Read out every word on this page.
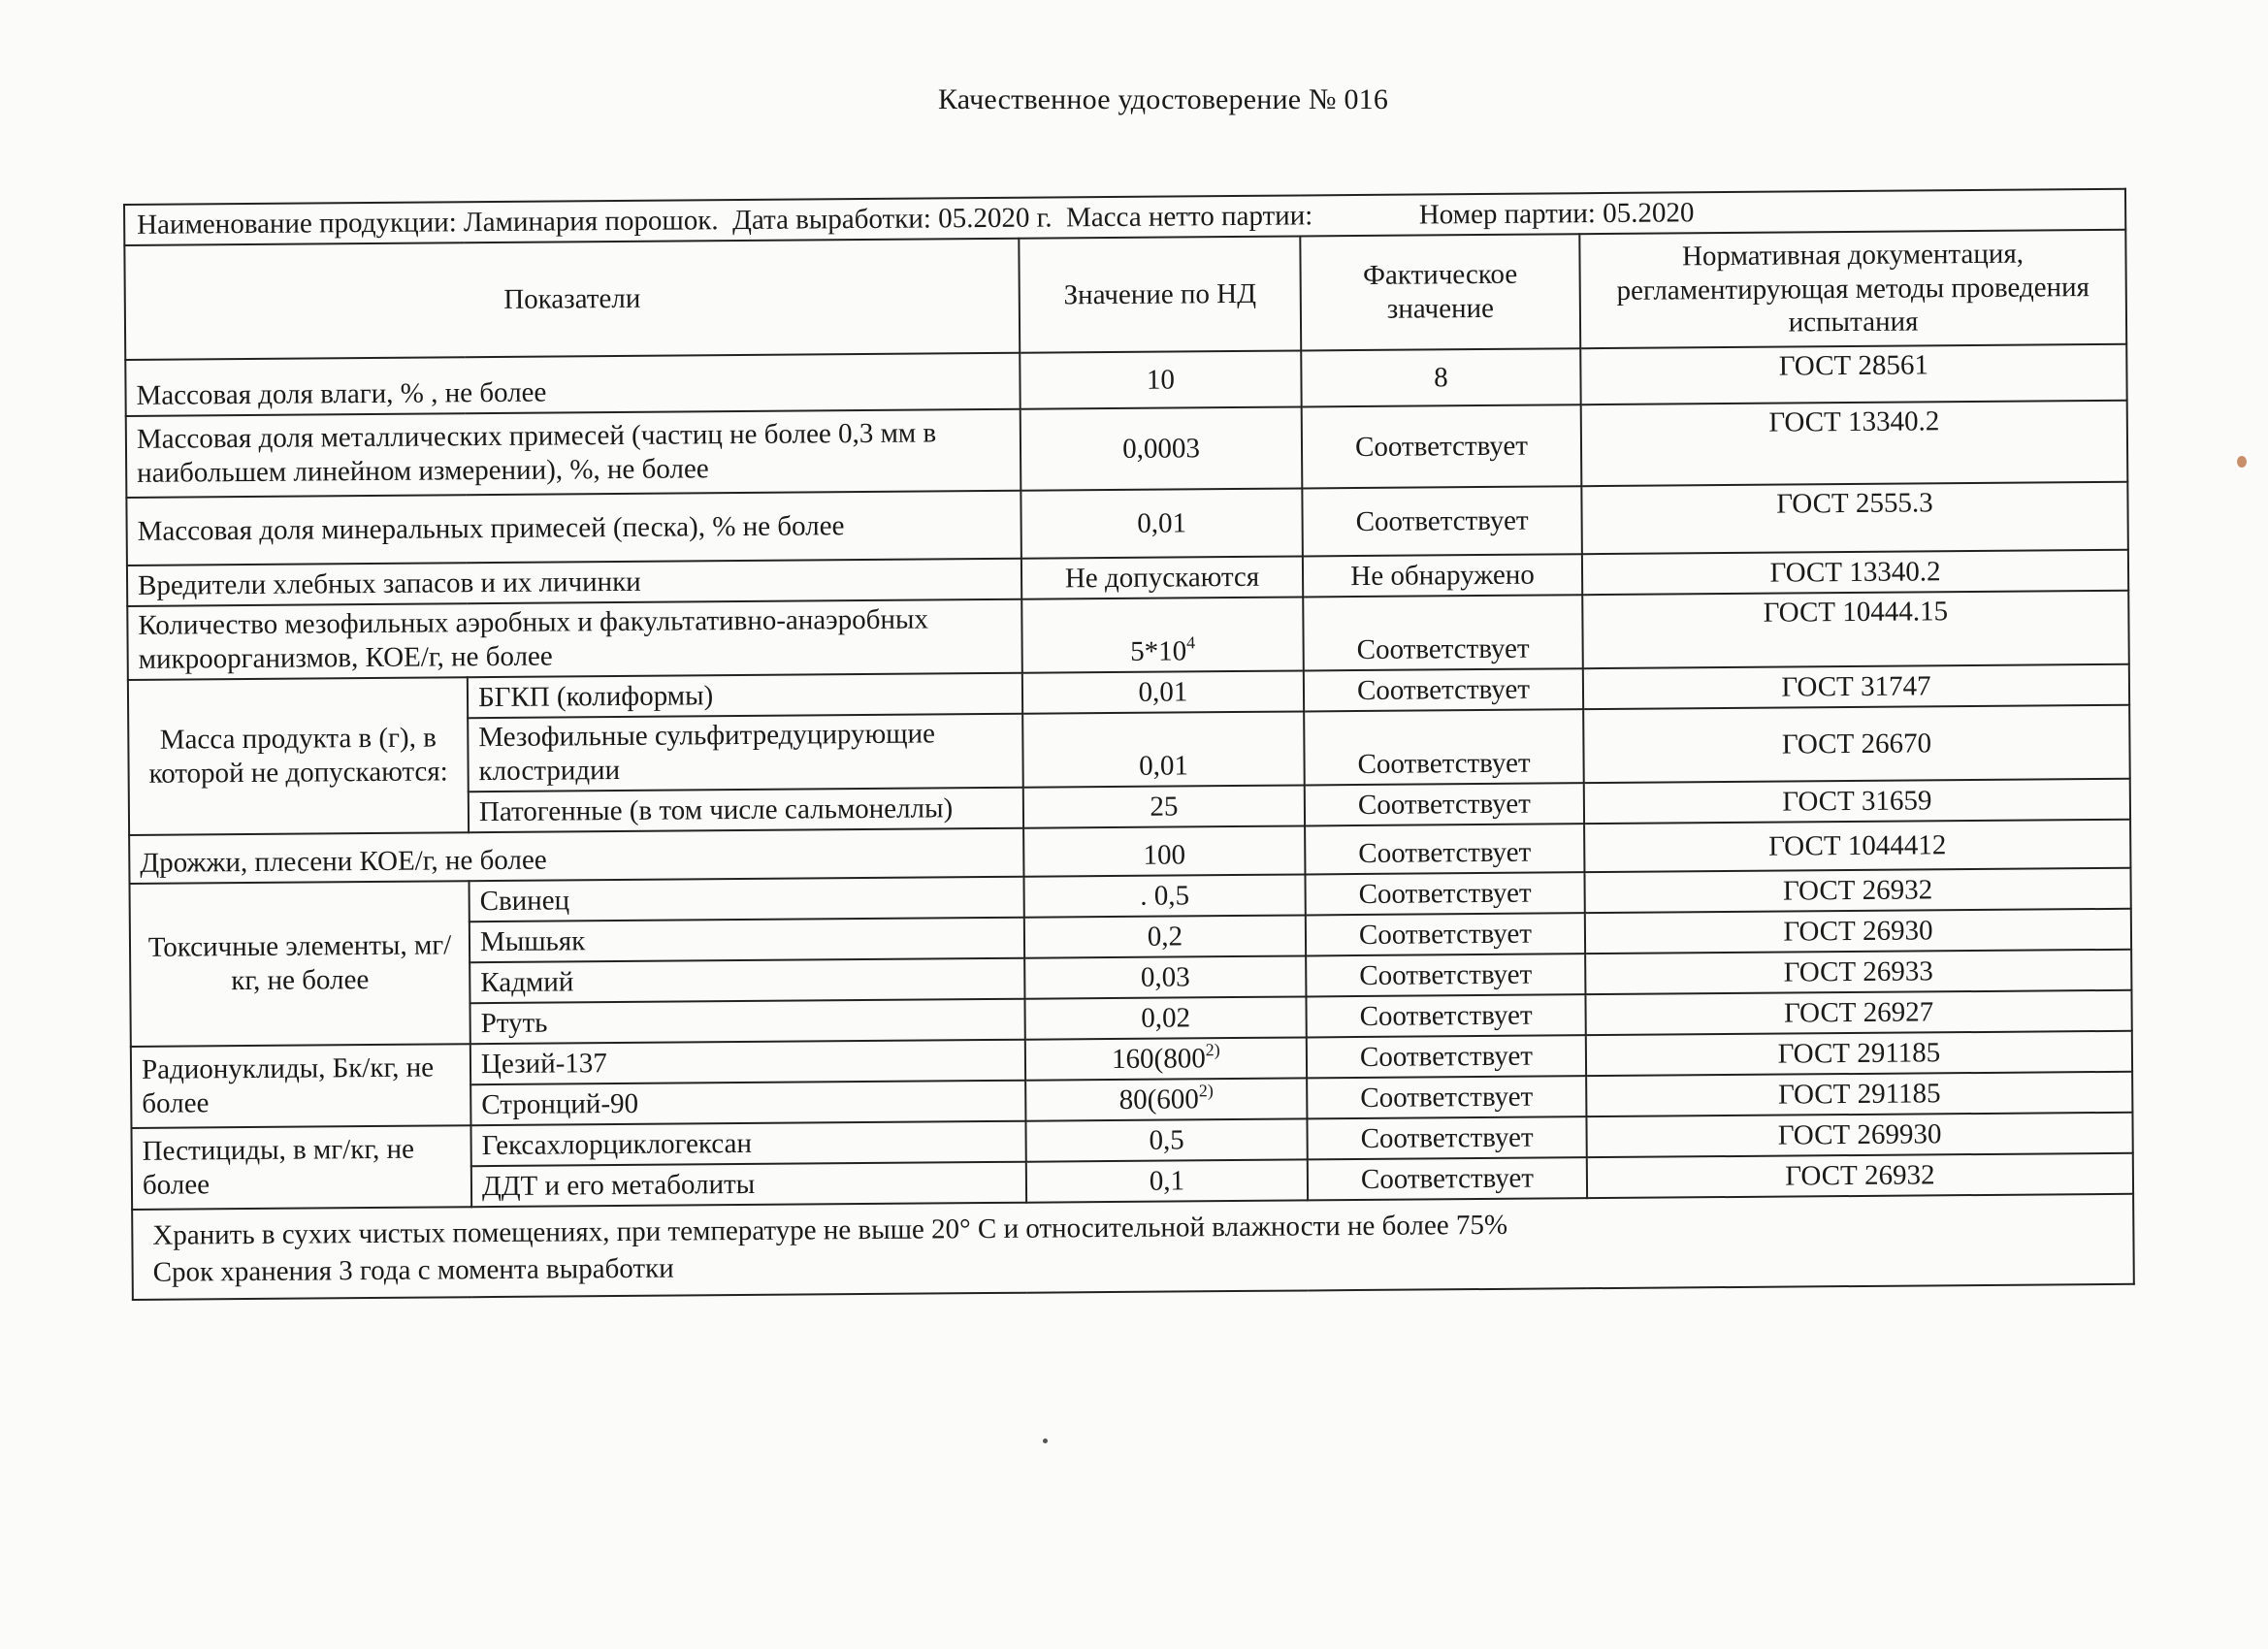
Качественное удостоверение № 016
Наименование продукции: Ламинария порошок. Дата выработки: 05.2020 г. Масса нетто партии: Номер партии: 05.2020				
Показатели		Значение по НД	Фактическое значение	Нормативная документация, регламентирующая методы проведения испытания
Массовая доля влаги, % , не более		10	8	ГОСТ 28561
Массовая доля металлических примесей (частиц не более 0,3 мм в наибольшем линейном измерении), %, не более		0,0003	Соответствует	ГОСТ 13340.2
Массовая доля минеральных примесей (песка), % не более		0,01	Соответствует	ГОСТ 2555.3
Вредители хлебных запасов и их личинки		Не допускаются	Не обнаружено	ГОСТ 13340.2
Количество мезофильных аэробных и факультативно-анаэробных микроорганизмов, КОЕ/г, не более		$5*10^4$	Соответствует	ГОСТ 10444.15
Масса продукта в (г), в которой не допускаются:	БГКП (колиформы)	0,01	Соответствует	ГОСТ 31747
	Мезофильные сульфитредуцирующие клостридии	0,01	Соответствует	ГОСТ 26670
	Патогенные (в том числе сальмонеллы)	25	Соответствует	ГОСТ 31659
Дрожжи, плесени КОЕ/г, не более		100	Соответствует	ГОСТ 1044412
Токсичные элементы, мг/кг, не более	Свинец	. 0,5	Соответствует	ГОСТ 26932
	Мышьяк	0,2	Соответствует	ГОСТ 26930
	Кадмий	0,03	Соответствует	ГОСТ 26933
	Ртуть	0,02	Соответствует	ГОСТ 26927
Радионуклиды, Бк/кг, не более	Цезий-137	160(800$^{2)}$	Соответствует	ГОСТ 291185
	Стронций-90	80(600$^{2)}$	Соответствует	ГОСТ 291185
Пестициды, в мг/кг, не более	Гексахлорциклогексан	0,5	Соответствует	ГОСТ 269930
	ДДТ и его метаболиты	0,1	Соответствует	ГОСТ 26932

Хранить в сухих чистых помещениях, при температуре не выше 20° С и относительной влажности не более 75%
Срок хранения 3 года с момента выработки				
